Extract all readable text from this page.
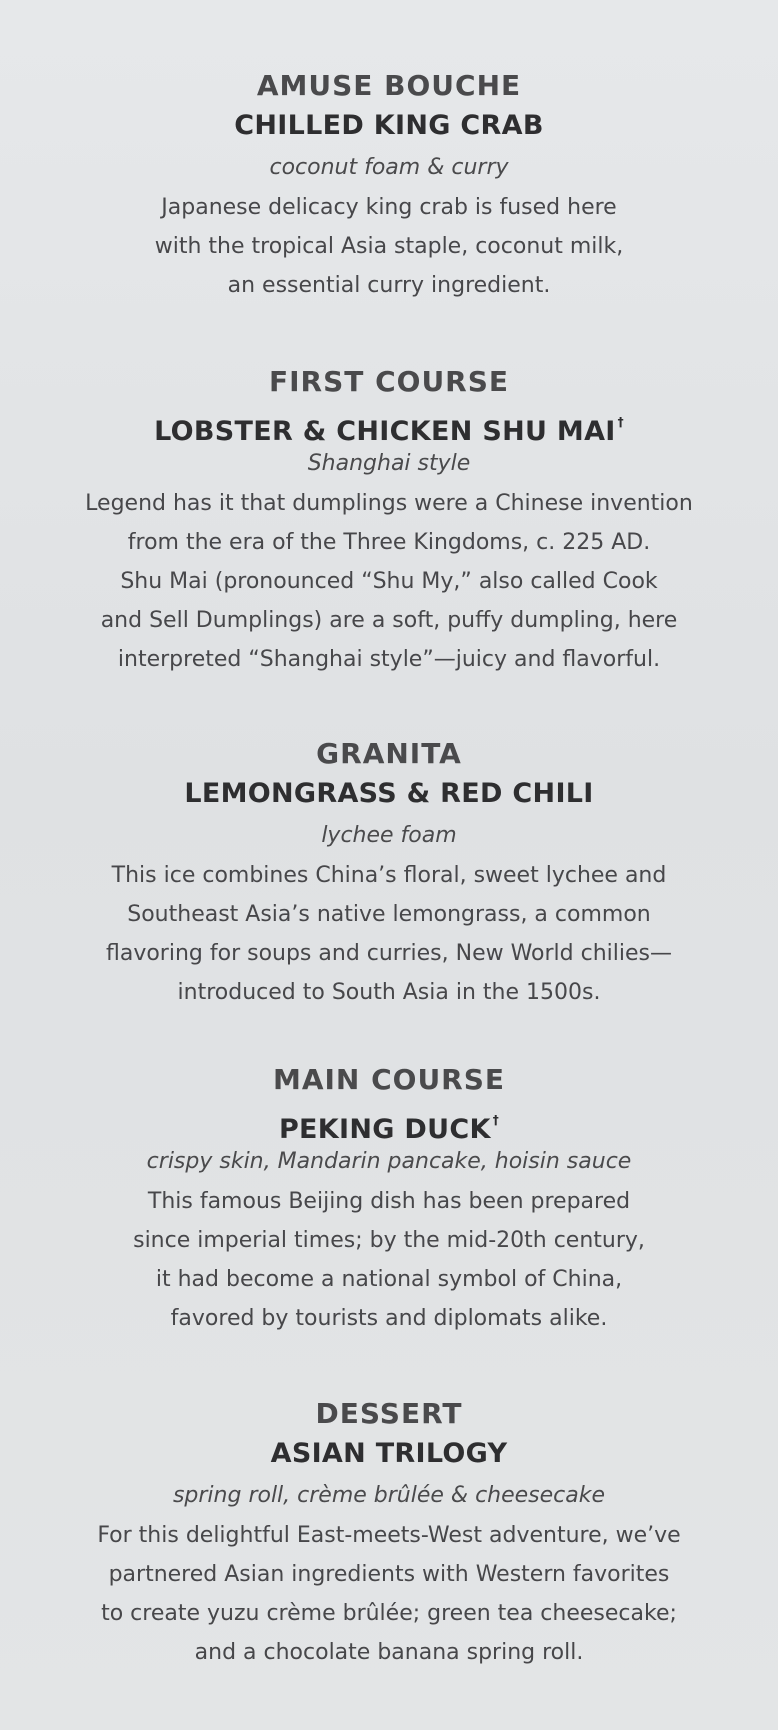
AMUSE BOUCHE
CHILLED KING CRAB

coconut foam & curry

Japanese delicacy king crab is fused here
with the tropical Asia staple, coconut milk,
an essential curry ingredient.

FIRST COURSE
LOBSTER & CHICKEN SHU MAI †

Shanghai style

Legend has it that dumplings were a Chinese invention
from the era of the Three Kingdoms, c. 225 AD.
Shu Mai (pronounced “Shu My,” also called Cook
and Sell Dumplings) are a soft, puffy dumpling, here
interpreted “Shanghai style”—juicy and flavorful.

GRANITA
LEMONGRASS & RED CHILI

lychee foam

This ice combines China’s floral, sweet lychee and
Southeast Asia’s native lemongrass, a common
flavoring for soups and curries, New World chilies—
introduced to South Asia in the 1500s.

MAIN COURSE
PEKING DUCK †

crispy skin, Mandarin pancake, hoisin sauce

This famous Beijing dish has been prepared
since imperial times; by the mid-20th century,
it had become a national symbol of China,
favored by tourists and diplomats alike.

DESSERT
ASIAN TRILOGY

spring roll, crème brûlée & cheesecake

For this delightful East-meets-West adventure, we’ve
partnered Asian ingredients with Western favorites
to create yuzu crème brûlée; green tea cheesecake;
and a chocolate banana spring roll.
